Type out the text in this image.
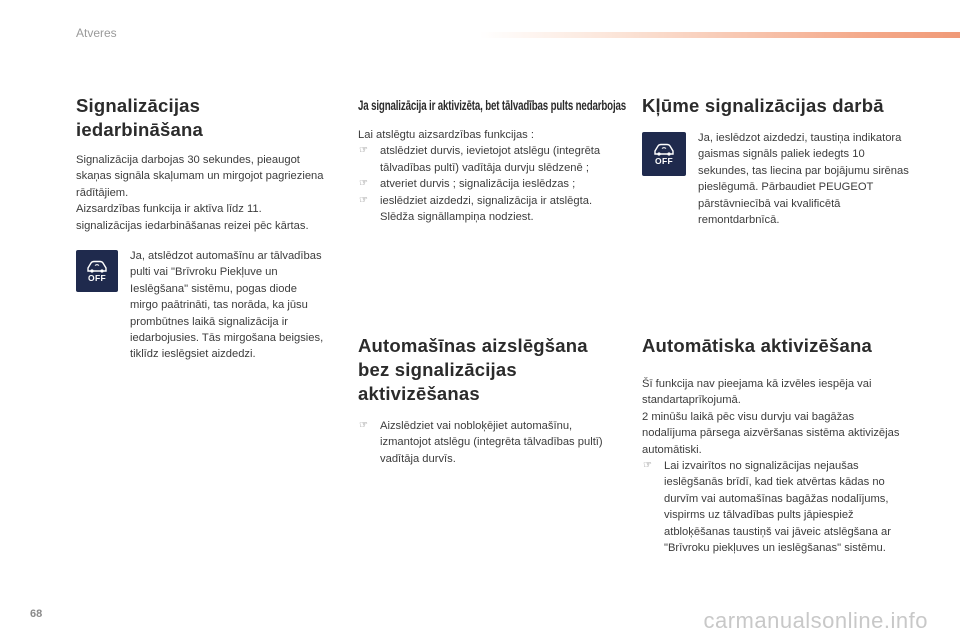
Atveres
Signalizācijas iedarbināšana

Signalizācija darbojas 30 sekundes, pieaugot skaņas signāla skaļumam un mirgojot pagrieziena rādītājiem.

Aizsardzības funkcija ir aktīva līdz 11. signalizācijas iedarbināšanas reizei pēc kārtas.

OFF

Ja, atslēdzot automašīnu ar tālvadības pulti vai "Brīvroku Piekļuve un Ieslēgšana" sistēmu, pogas diode mirgo paātrināti, tas norāda, ka jūsu prombūtnes laikā signalizācija ir iedarbojusies. Tās mirgošana beigsies, tiklīdz ieslēgsiet aizdedzi.

Ja signalizācija ir aktivizēta, bet tālvadības pults nedarbojas

Lai atslēgtu aizsardzības funkcijas :

☞ atslēdziet durvis, ievietojot atslēgu (integrēta tālvadības pultī) vadītāja durvju slēdzenē ;
☞ atveriet durvis ; signalizācija ieslēdzas ;
☞ ieslēdziet aizdedzi, signalizācija ir atslēgta. Slēdža signāllampiņa nodziest.
Automašīnas aizslēgšana bez signalizācijas aktivizēšanas
☞ Aizslēdziet vai nobloķējiet automašīnu, izmantojot atslēgu (integrēta tālvadības pultī) vadītāja durvīs.
Kļūme signalizācijas darbā
OFF

Ja, ieslēdzot aizdedzi, taustiņa indikatora gaismas signāls paliek iedegts 10 sekundes, tas liecina par bojājumu sirēnas pieslēgumā. Pārbaudiet PEUGEOT pārstāvniecībā vai kvalificētā remontdarbnīcā.

Automātiska aktivizēšana

Šī funkcija nav pieejama kā izvēles iespēja vai standartaprīkojumā.

2 minūšu laikā pēc visu durvju vai bagāžas nodalījuma pārsega aizvēršanas sistēma aktivizējas automātiski.

☞ Lai izvairītos no signalizācijas nejaušas ieslēgšanās brīdī, kad tiek atvērtas kādas no durvīm vai automašīnas bagāžas nodalījums, vispirms uz tālvadības pults jāpiespiež atbloķēšanas taustiņš vai jāveic atslēgšana ar "Brīvroku piekļuves un ieslēgšanas" sistēmu.
68	carmanualsonline.info
